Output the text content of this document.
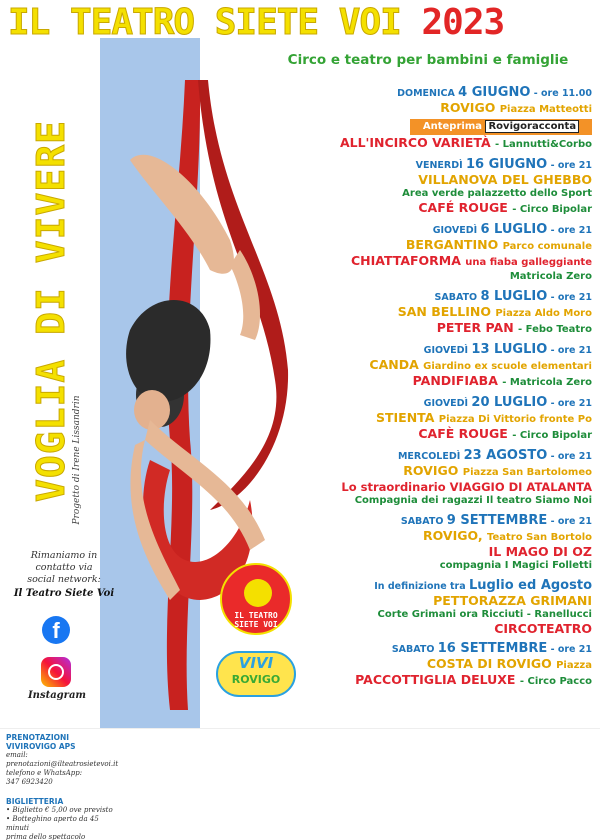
IL TEATRO SIETE VOI 2023
Circo e teatro per bambini e famiglie
VOGLIA DI VIVERE Progetto di Irene Lissandrin
Rimaniamo in
contatto via
social network:
Il Teatro Siete Voi
f
Instagram
IL TEATRO SIETE VOI
VIVI
ROVIGO
DOMENICA 4 GIUGNO - ore 11.00
ROVIGO Piazza Matteotti
Anteprima Rovigoracconta
ALL'INCIRCO VARIETÀ - Lannutti&Corbo
VENERDÌ 16 GIUGNO - ore 21
VILLANOVA DEL GHEBBO
Area verde palazzetto dello Sport
CAFÉ ROUGE - Circo Bipolar
GIOVEDÌ 6 LUGLIO - ore 21
BERGANTINO Parco comunale
CHIATTAFORMA una fiaba galleggiante
Matricola Zero
SABATO 8 LUGLIO - ore 21
SAN BELLINO Piazza Aldo Moro
PETER PAN - Febo Teatro
GIOVEDÌ 13 LUGLIO - ore 21
CANDA Giardino ex scuole elementari
PANDIFIABA - Matricola Zero
GIOVEDÌ 20 LUGLIO - ore 21
STIENTA Piazza Di Vittorio fronte Po
CAFÈ ROUGE - Circo Bipolar
MERCOLEDÌ 23 AGOSTO - ore 21
ROVIGO Piazza San Bartolomeo
Lo straordinario VIAGGIO DI ATALANTA
Compagnia dei ragazzi Il teatro Siamo Noi
SABATO 9 SETTEMBRE - ore 21
ROVIGO, Teatro San Bortolo
IL MAGO DI OZ
compagnia I Magici Folletti
In definizione tra Luglio ed Agosto
PETTORAZZA GRIMANI
Corte Grimani ora Ricciuti - Ranellucci
CIRCOTEATRO
SABATO 16 SETTEMBRE - ore 21
COSTA DI ROVIGO Piazza
PACCOTTIGLIA DELUXE - Circo Pacco
PRENOTAZIONI VIVIROVIGO APS
email:
prenotazioni@ilteatrosietevoi.it
telefono e WhatsApp:
347 6923420
BIGLIETTERIA
• Biglietto € 5,00 ove previsto
• Botteghino aperto da 45 minuti
prima dello spettacolo
